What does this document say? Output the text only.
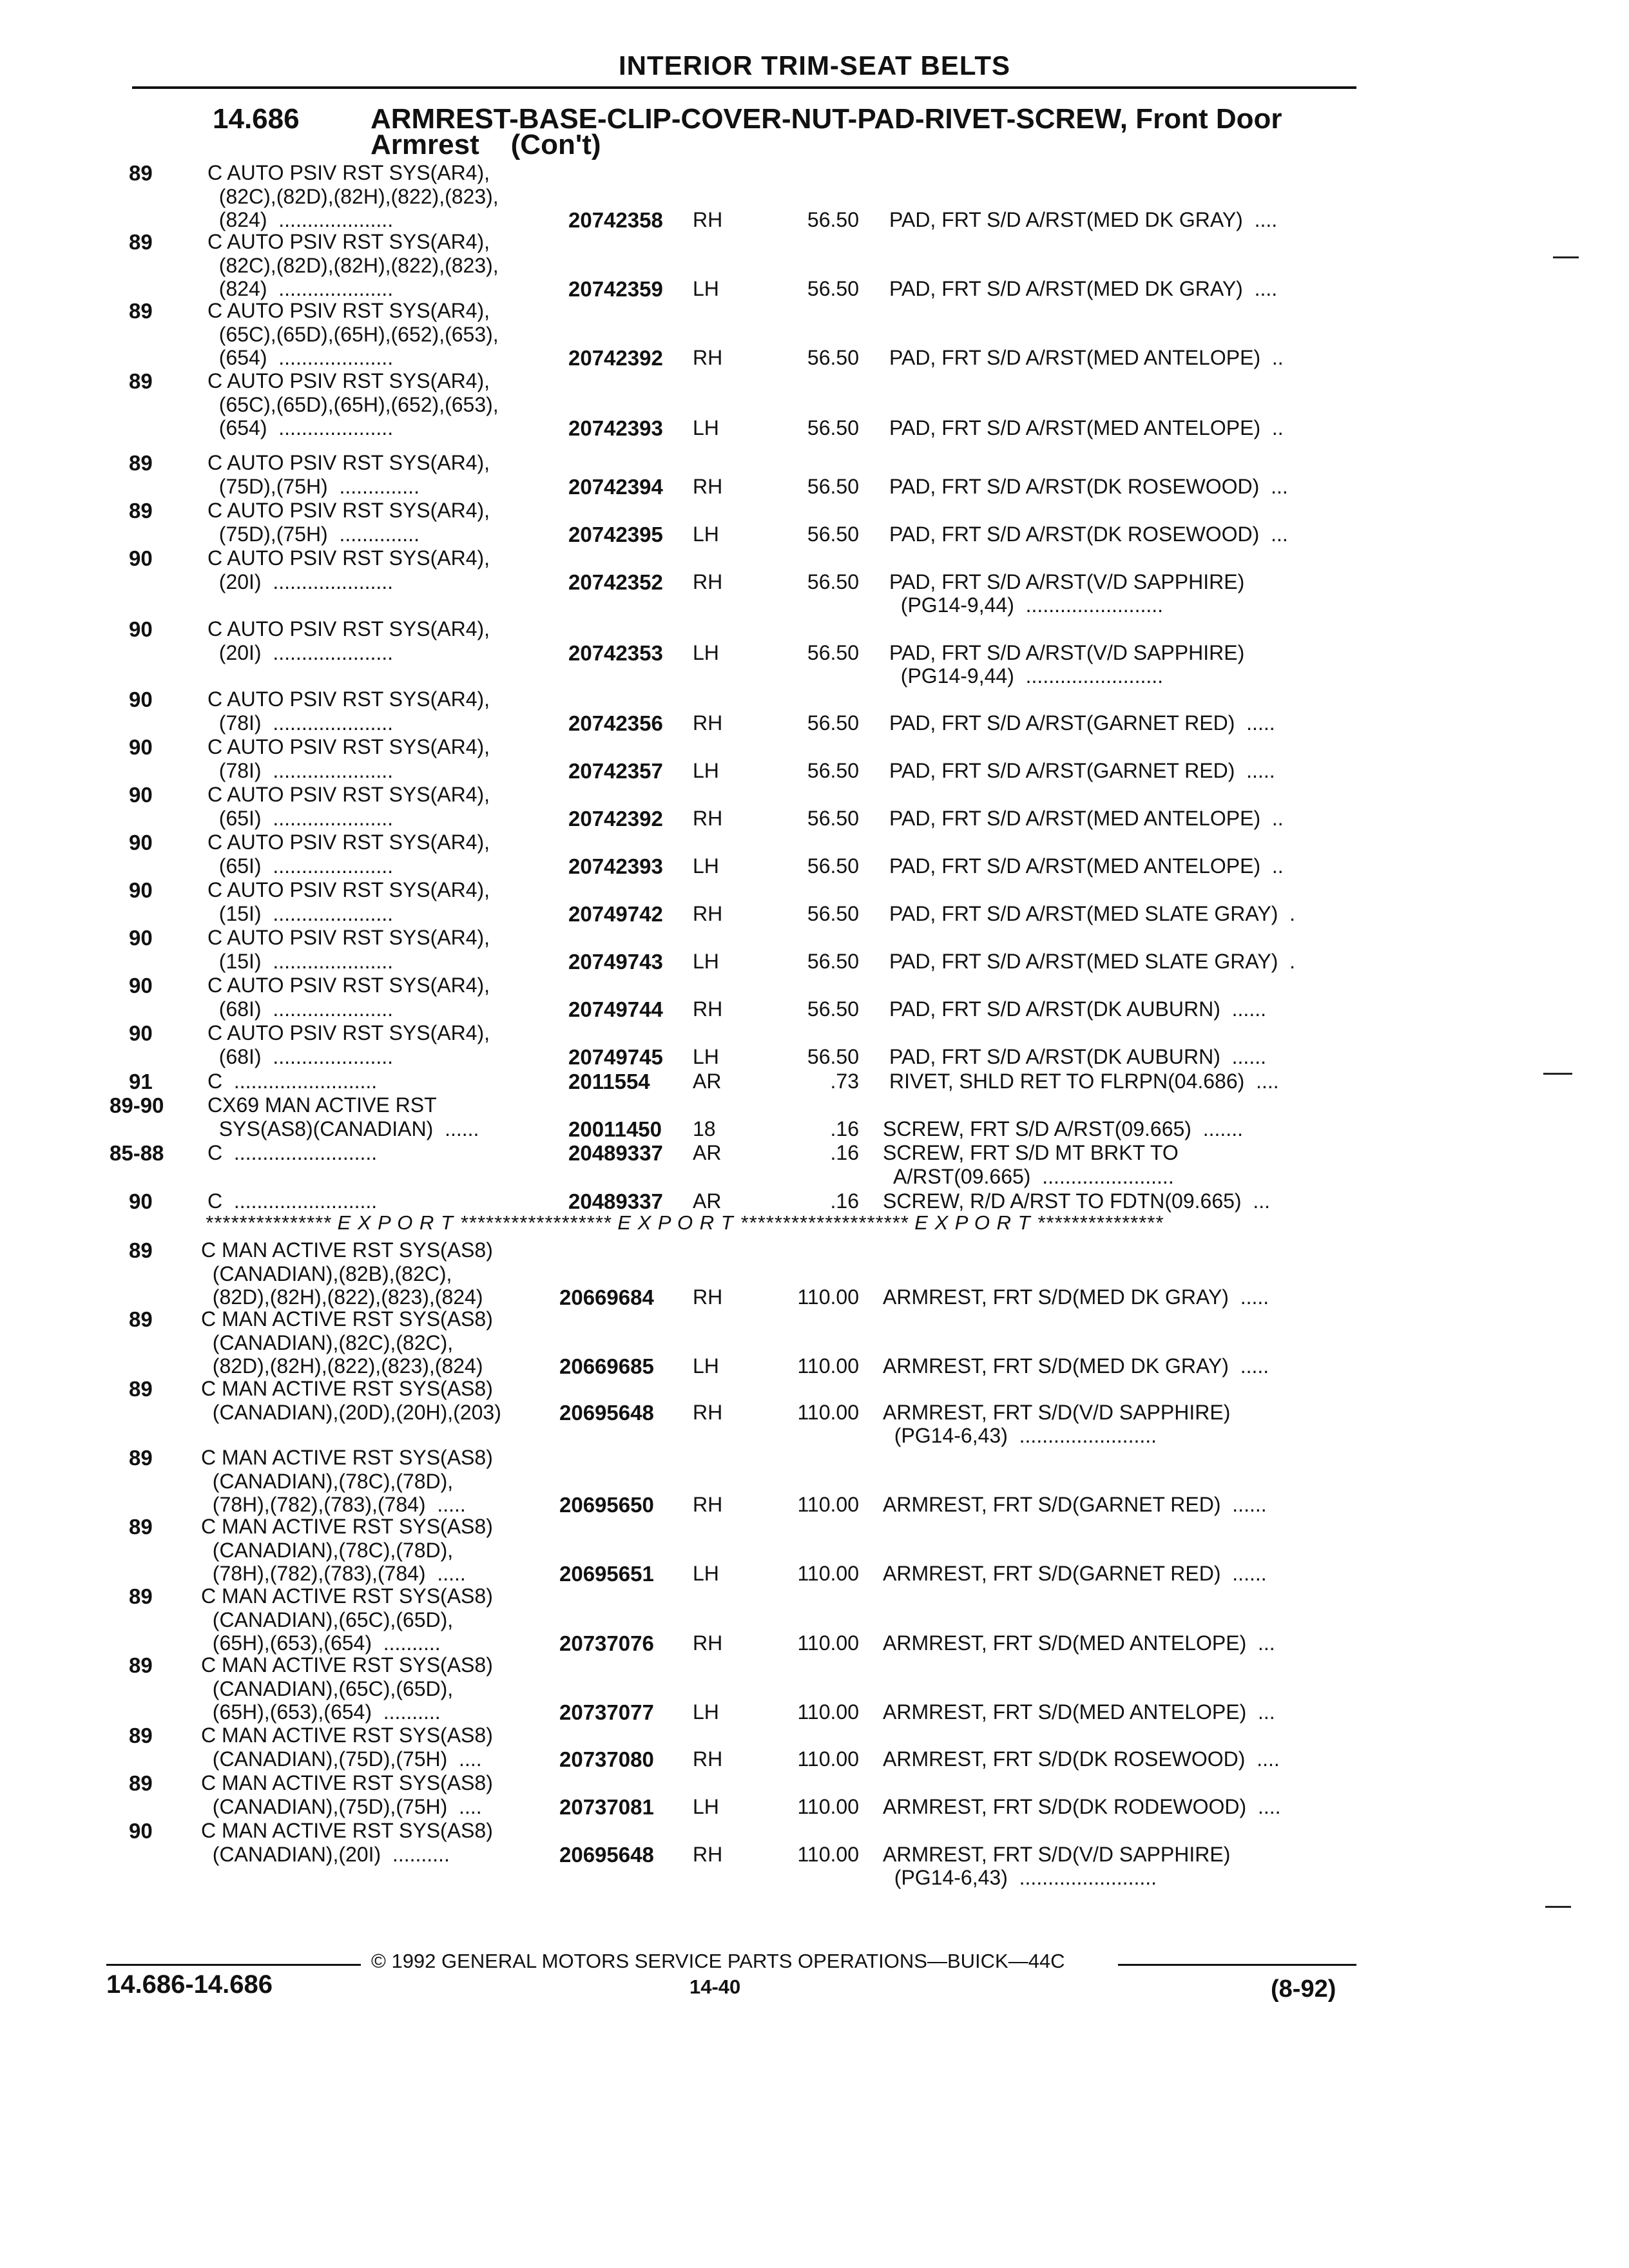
INTERIOR TRIM-SEAT BELTS
14.686	ARMREST-BASE-CLIP-COVER-NUT-PAD-RIVET-SCREW, Front Door
Armrest    (Con't)
89	C AUTO PSIV RST SYS(AR4),
(82C),(82D),(82H),(822),(823),
(824)  ....................	20742358 RH	56.50 PAD, FRT S/D A/RST(MED DK GRAY)  ....
89	C AUTO PSIV RST SYS(AR4),
(82C),(82D),(82H),(822),(823),
(824)  ....................	20742359 LH	56.50 PAD, FRT S/D A/RST(MED DK GRAY)  ....
89	C AUTO PSIV RST SYS(AR4),
(65C),(65D),(65H),(652),(653),
(654)  ....................	20742392 RH	56.50 PAD, FRT S/D A/RST(MED ANTELOPE)  ..
89	C AUTO PSIV RST SYS(AR4),
(65C),(65D),(65H),(652),(653),
(654)  ....................	20742393 LH	56.50 PAD, FRT S/D A/RST(MED ANTELOPE)  ..
89	C AUTO PSIV RST SYS(AR4),
(75D),(75H)  ..............	20742394 RH	56.50 PAD, FRT S/D A/RST(DK ROSEWOOD)  ...
89	C AUTO PSIV RST SYS(AR4),
(75D),(75H)  ..............	20742395 LH	56.50 PAD, FRT S/D A/RST(DK ROSEWOOD)  ...
90	C AUTO PSIV RST SYS(AR4),
(20I)  .....................	20742352 RH	56.50 PAD, FRT S/D A/RST(V/D SAPPHIRE)
(PG14-9,44)  ........................
90	C AUTO PSIV RST SYS(AR4),
(20I)  .....................	20742353 LH	56.50 PAD, FRT S/D A/RST(V/D SAPPHIRE)
(PG14-9,44)  ........................
90	C AUTO PSIV RST SYS(AR4),
(78I)  .....................	20742356 RH	56.50 PAD, FRT S/D A/RST(GARNET RED)  .....
90	C AUTO PSIV RST SYS(AR4),
(78I)  .....................	20742357 LH	56.50 PAD, FRT S/D A/RST(GARNET RED)  .....
90	C AUTO PSIV RST SYS(AR4),
(65I)  .....................	20742392 RH	56.50 PAD, FRT S/D A/RST(MED ANTELOPE)  ..
90	C AUTO PSIV RST SYS(AR4),
(65I)  .....................	20742393 LH	56.50 PAD, FRT S/D A/RST(MED ANTELOPE)  ..
90	C AUTO PSIV RST SYS(AR4),
(15I)  .....................	20749742 RH	56.50 PAD, FRT S/D A/RST(MED SLATE GRAY)  .
90	C AUTO PSIV RST SYS(AR4),
(15I)  .....................	20749743 LH	56.50 PAD, FRT S/D A/RST(MED SLATE GRAY)  .
90	C AUTO PSIV RST SYS(AR4),
(68I)  .....................	20749744 RH	56.50 PAD, FRT S/D A/RST(DK AUBURN)  ......
90	C AUTO PSIV RST SYS(AR4),
(68I)  .....................	20749745 LH	56.50 PAD, FRT S/D A/RST(DK AUBURN)  ......
91	C  .........................	2011554 AR	.73 RIVET, SHLD RET TO FLRPN(04.686)  ....
89-90 CX69 MAN ACTIVE RST
SYS(AS8)(CANADIAN)  ......	20011450 18	.16 SCREW, FRT S/D A/RST(09.665)  .......
85-88 C  .........................	20489337 AR	.16 SCREW, FRT S/D MT BRKT TO
A/RST(09.665)  .......................
90	C  .........................	20489337 AR	.16 SCREW, R/D A/RST TO FDTN(09.665)  ...
89 C MAN ACTIVE RST SYS(AS8)
(CANADIAN),(82B),(82C),
(82D),(82H),(822),(823),(824)	20669684 RH	110.00 ARMREST, FRT S/D(MED DK GRAY)  .....
89 C MAN ACTIVE RST SYS(AS8)
(CANADIAN),(82C),(82C),
(82D),(82H),(822),(823),(824)	20669685 LH	110.00 ARMREST, FRT S/D(MED DK GRAY)  .....
89 C MAN ACTIVE RST SYS(AS8)
(CANADIAN),(20D),(20H),(203)	20695648 RH	110.00 ARMREST, FRT S/D(V/D SAPPHIRE)
(PG14-6,43)  ........................
89 C MAN ACTIVE RST SYS(AS8)
(CANADIAN),(78C),(78D),
(78H),(782),(783),(784)  .....	20695650 RH	110.00 ARMREST, FRT S/D(GARNET RED)  ......
89 C MAN ACTIVE RST SYS(AS8)
(CANADIAN),(78C),(78D),
(78H),(782),(783),(784)  .....	20695651 LH	110.00 ARMREST, FRT S/D(GARNET RED)  ......
89 C MAN ACTIVE RST SYS(AS8)
(CANADIAN),(65C),(65D),
(65H),(653),(654)  ..........	20737076 RH	110.00 ARMREST, FRT S/D(MED ANTELOPE)  ...
89 C MAN ACTIVE RST SYS(AS8)
(CANADIAN),(65C),(65D),
(65H),(653),(654)  ..........	20737077 LH	110.00 ARMREST, FRT S/D(MED ANTELOPE)  ...
89 C MAN ACTIVE RST SYS(AS8)
(CANADIAN),(75D),(75H)  ....	20737080 RH	110.00 ARMREST, FRT S/D(DK ROSEWOOD)  ....
89 C MAN ACTIVE RST SYS(AS8)
(CANADIAN),(75D),(75H)  ....	20737081 LH	110.00 ARMREST, FRT S/D(DK RODEWOOD)  ....
90 C MAN ACTIVE RST SYS(AS8)
(CANADIAN),(20I)  ..........	20695648 RH	110.00 ARMREST, FRT S/D(V/D SAPPHIRE)
(PG14-6,43)  ........................
*************** E X P O R T ****************** E X P O R T ******************** E X P O R T ***************
© 1992 GENERAL MOTORS SERVICE PARTS OPERATIONS—BUICK—44C
14.686-14.686	14-40	(8-92)
